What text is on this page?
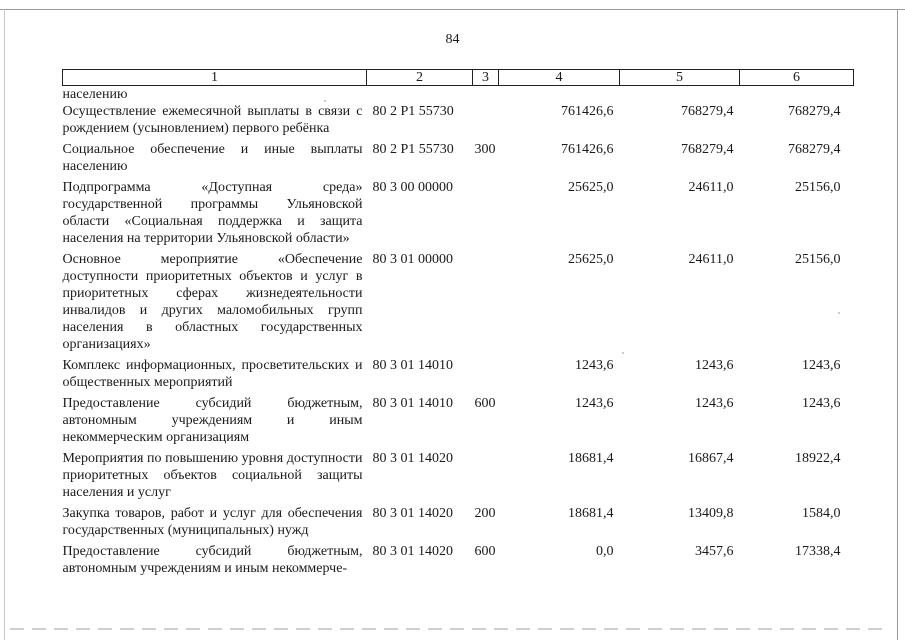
84
1	2	3	4	5	6
населению					
Осуществление ежемесячной выплаты в связи с рождением (усыновлением) первого ребёнка	80 2 P1 55730		761426,6	768279,4	768279,4
Социальное обеспечение и иные выплаты населению	80 2 P1 55730	300	761426,6	768279,4	768279,4
Подпрограмма «Доступная среда» государственной программы Ульяновской области «Социальная поддержка и защита населения на территории Ульяновской области»	80 3 00 00000		25625,0	24611,0	25156,0
Основное мероприятие «Обеспечение доступности приоритетных объектов и услуг в приоритетных сферах жизнедеятельности инвалидов и других маломобильных групп населения в областных государственных организациях»	80 3 01 00000		25625,0	24611,0	25156,0
Комплекс информационных, просветительских и общественных мероприятий	80 3 01 14010		1243,6	1243,6	1243,6
Предоставление субсидий бюджетным, автономным учреждениям и иным некоммерческим организациям	80 3 01 14010	600	1243,6	1243,6	1243,6
Мероприятия по повышению уровня доступности приоритетных объектов социальной защиты населения и услуг	80 3 01 14020		18681,4	16867,4	18922,4
Закупка товаров, работ и услуг для обеспечения государственных (муниципальных) нужд	80 3 01 14020	200	18681,4	13409,8	1584,0
Предоставление субсидий бюджетным, автономным учреждениям и иным некоммерче-	80 3 01 14020	600	0,0	3457,6	17338,4
